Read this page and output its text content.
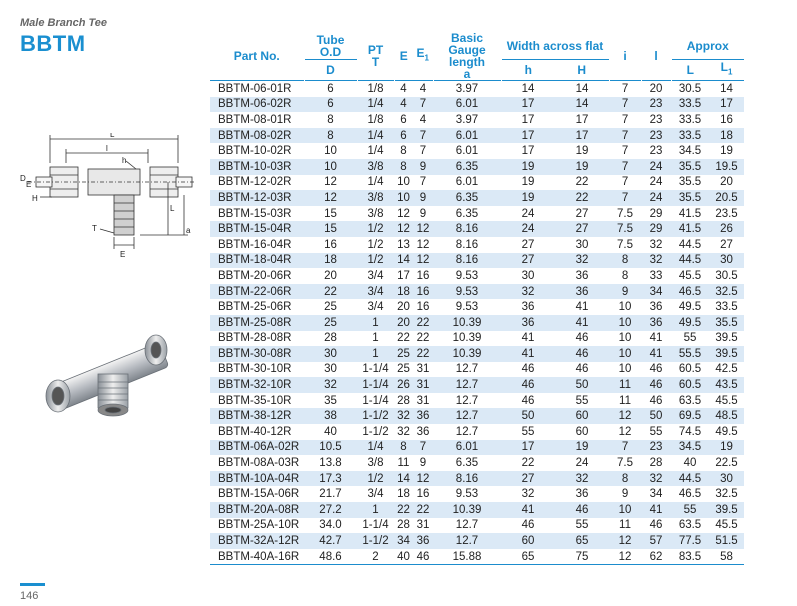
Male Branch Tee
BBTM
L
l
h
D
E
H
L
T	a
E
Part No.	Tube O.D	PT
T	E	$E_1$	Basic Gauge
length
a	Width across flat		i	l	Approx	
	D					h	H			L	$L_1$
BBTM-06-01R	6	1/8	4	4	3.97	14	14	7	20	30.5	14
BBTM-06-02R	6	1/4	4	7	6.01	17	14	7	23	33.5	17
BBTM-08-01R	8	1/8	6	4	3.97	17	17	7	23	33.5	16
BBTM-08-02R	8	1/4	6	7	6.01	17	17	7	23	33.5	18
BBTM-10-02R	10	1/4	8	7	6.01	17	19	7	23	34.5	19
BBTM-10-03R	10	3/8	8	9	6.35	19	19	7	24	35.5	19.5
BBTM-12-02R	12	1/4	10	7	6.01	19	22	7	24	35.5	20
BBTM-12-03R	12	3/8	10	9	6.35	19	22	7	24	35.5	20.5
BBTM-15-03R	15	3/8	12	9	6.35	24	27	7.5	29	41.5	23.5
BBTM-15-04R	15	1/2	12	12	8.16	24	27	7.5	29	41.5	26
BBTM-16-04R	16	1/2	13	12	8.16	27	30	7.5	32	44.5	27
BBTM-18-04R	18	1/2	14	12	8.16	27	32	8	32	44.5	30
BBTM-20-06R	20	3/4	17	16	9.53	30	36	8	33	45.5	30.5
BBTM-22-06R	22	3/4	18	16	9.53	32	36	9	34	46.5	32.5
BBTM-25-06R	25	3/4	20	16	9.53	36	41	10	36	49.5	33.5
BBTM-25-08R	25	1	20	22	10.39	36	41	10	36	49.5	35.5
BBTM-28-08R	28	1	22	22	10.39	41	46	10	41	55	39.5
BBTM-30-08R	30	1	25	22	10.39	41	46	10	41	55.5	39.5
BBTM-30-10R	30	1-1/4	25	31	12.7	46	46	10	46	60.5	42.5
BBTM-32-10R	32	1-1/4	26	31	12.7	46	50	11	46	60.5	43.5
BBTM-35-10R	35	1-1/4	28	31	12.7	46	55	11	46	63.5	45.5
BBTM-38-12R	38	1-1/2	32	36	12.7	50	60	12	50	69.5	48.5
BBTM-40-12R	40	1-1/2	32	36	12.7	55	60	12	55	74.5	49.5
BBTM-06A-02R	10.5	1/4	8	7	6.01	17	19	7	23	34.5	19
BBTM-08A-03R	13.8	3/8	11	9	6.35	22	24	7.5	28	40	22.5
BBTM-10A-04R	17.3	1/2	14	12	8.16	27	32	8	32	44.5	30
BBTM-15A-06R	21.7	3/4	18	16	9.53	32	36	9	34	46.5	32.5
BBTM-20A-08R	27.2	1	22	22	10.39	41	46	10	41	55	39.5
BBTM-25A-10R	34.0	1-1/4	28	31	12.7	46	55	11	46	63.5	45.5
BBTM-32A-12R	42.7	1-1/2	34	36	12.7	60	65	12	57	77.5	51.5
BBTM-40A-16R	48.6	2	40	46	15.88	65	75	12	62	83.5	58
146
